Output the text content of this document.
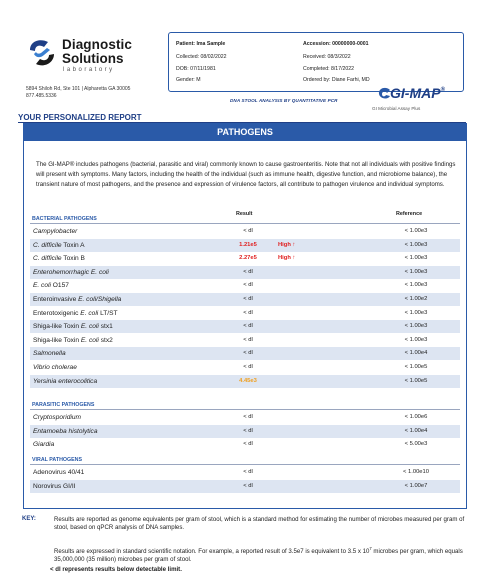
Diagnostic
Solutions
laboratory
5894 Shiloh Rd, Ste 101 | Alpharetta GA 30005
877.485.5336
Patient: Ima Sample
Collected: 08/02/2022
DOB: 07/11/1981
Gender: M
Accession: 00000000-0001
Received: 08/3/2022
Completed: 8/17/2022
Ordered by: Diane Farhi, MD
DNA STOOL ANALYSIS BY QUANTITATIVE PCR	GI-MAP®
GI Microbial Assay Plus
YOUR PERSONALIZED REPORT
PATHOGENS
The GI-MAP® includes pathogens (bacterial, parasitic and viral) commonly known to cause gastroenteritis. Note that not all individuals with positive findings will present with symptoms. Many factors, including the health of the individual (such as immune health, digestive function, and microbiome balance), the transient nature of most pathogens, and the presence and expression of virulence factors, all contribute to pathogen virulence and individual symptoms.
Result	Reference
BACTERIAL PATHOGENS
Campylobacter	< dl	< 1.00e3
C. difficile Toxin A	1.21e5	High ↑	< 1.00e3
C. difficile Toxin B	2.27e5	High ↑	< 1.00e3
Enterohemorrhagic E. coli	< dl	< 1.00e3
E. coli O157	< dl	< 1.00e3
Enteroinvasive E. coli/Shigella	< dl	< 1.00e2
Enterotoxigenic E. coli LT/ST	< dl	< 1.00e3
Shiga-like Toxin E. coli stx1	< dl	< 1.00e3
Shiga-like Toxin E. coli stx2	< dl	< 1.00e3
Salmonella	< dl	< 1.00e4
Vibrio cholerae	< dl	< 1.00e5
Yersinia enterocolitica	4.45e3	< 1.00e5
PARASITIC PATHOGENS
Cryptosporidium	< dl	< 1.00e6
Entamoeba histolytica	< dl	< 1.00e4
Giardia	< dl	< 5.00e3
VIRAL PATHOGENS
Adenovirus 40/41	< dl	< 1.00e10
Norovirus GI/II	< dl	< 1.00e7
KEY:	Results are reported as genome equivalents per gram of stool, which is a standard method for estimating the number of microbes measured per gram of stool, based on qPCR analysis of DNA samples.
Results are expressed in standard scientific notation. For example, a reported result of 3.5e7 is equivalent to 3.5 x $10^7$ microbes per gram, which equals 35,000,000 (35 million) microbes per gram of stool.
< dl represents results below detectable limit.
